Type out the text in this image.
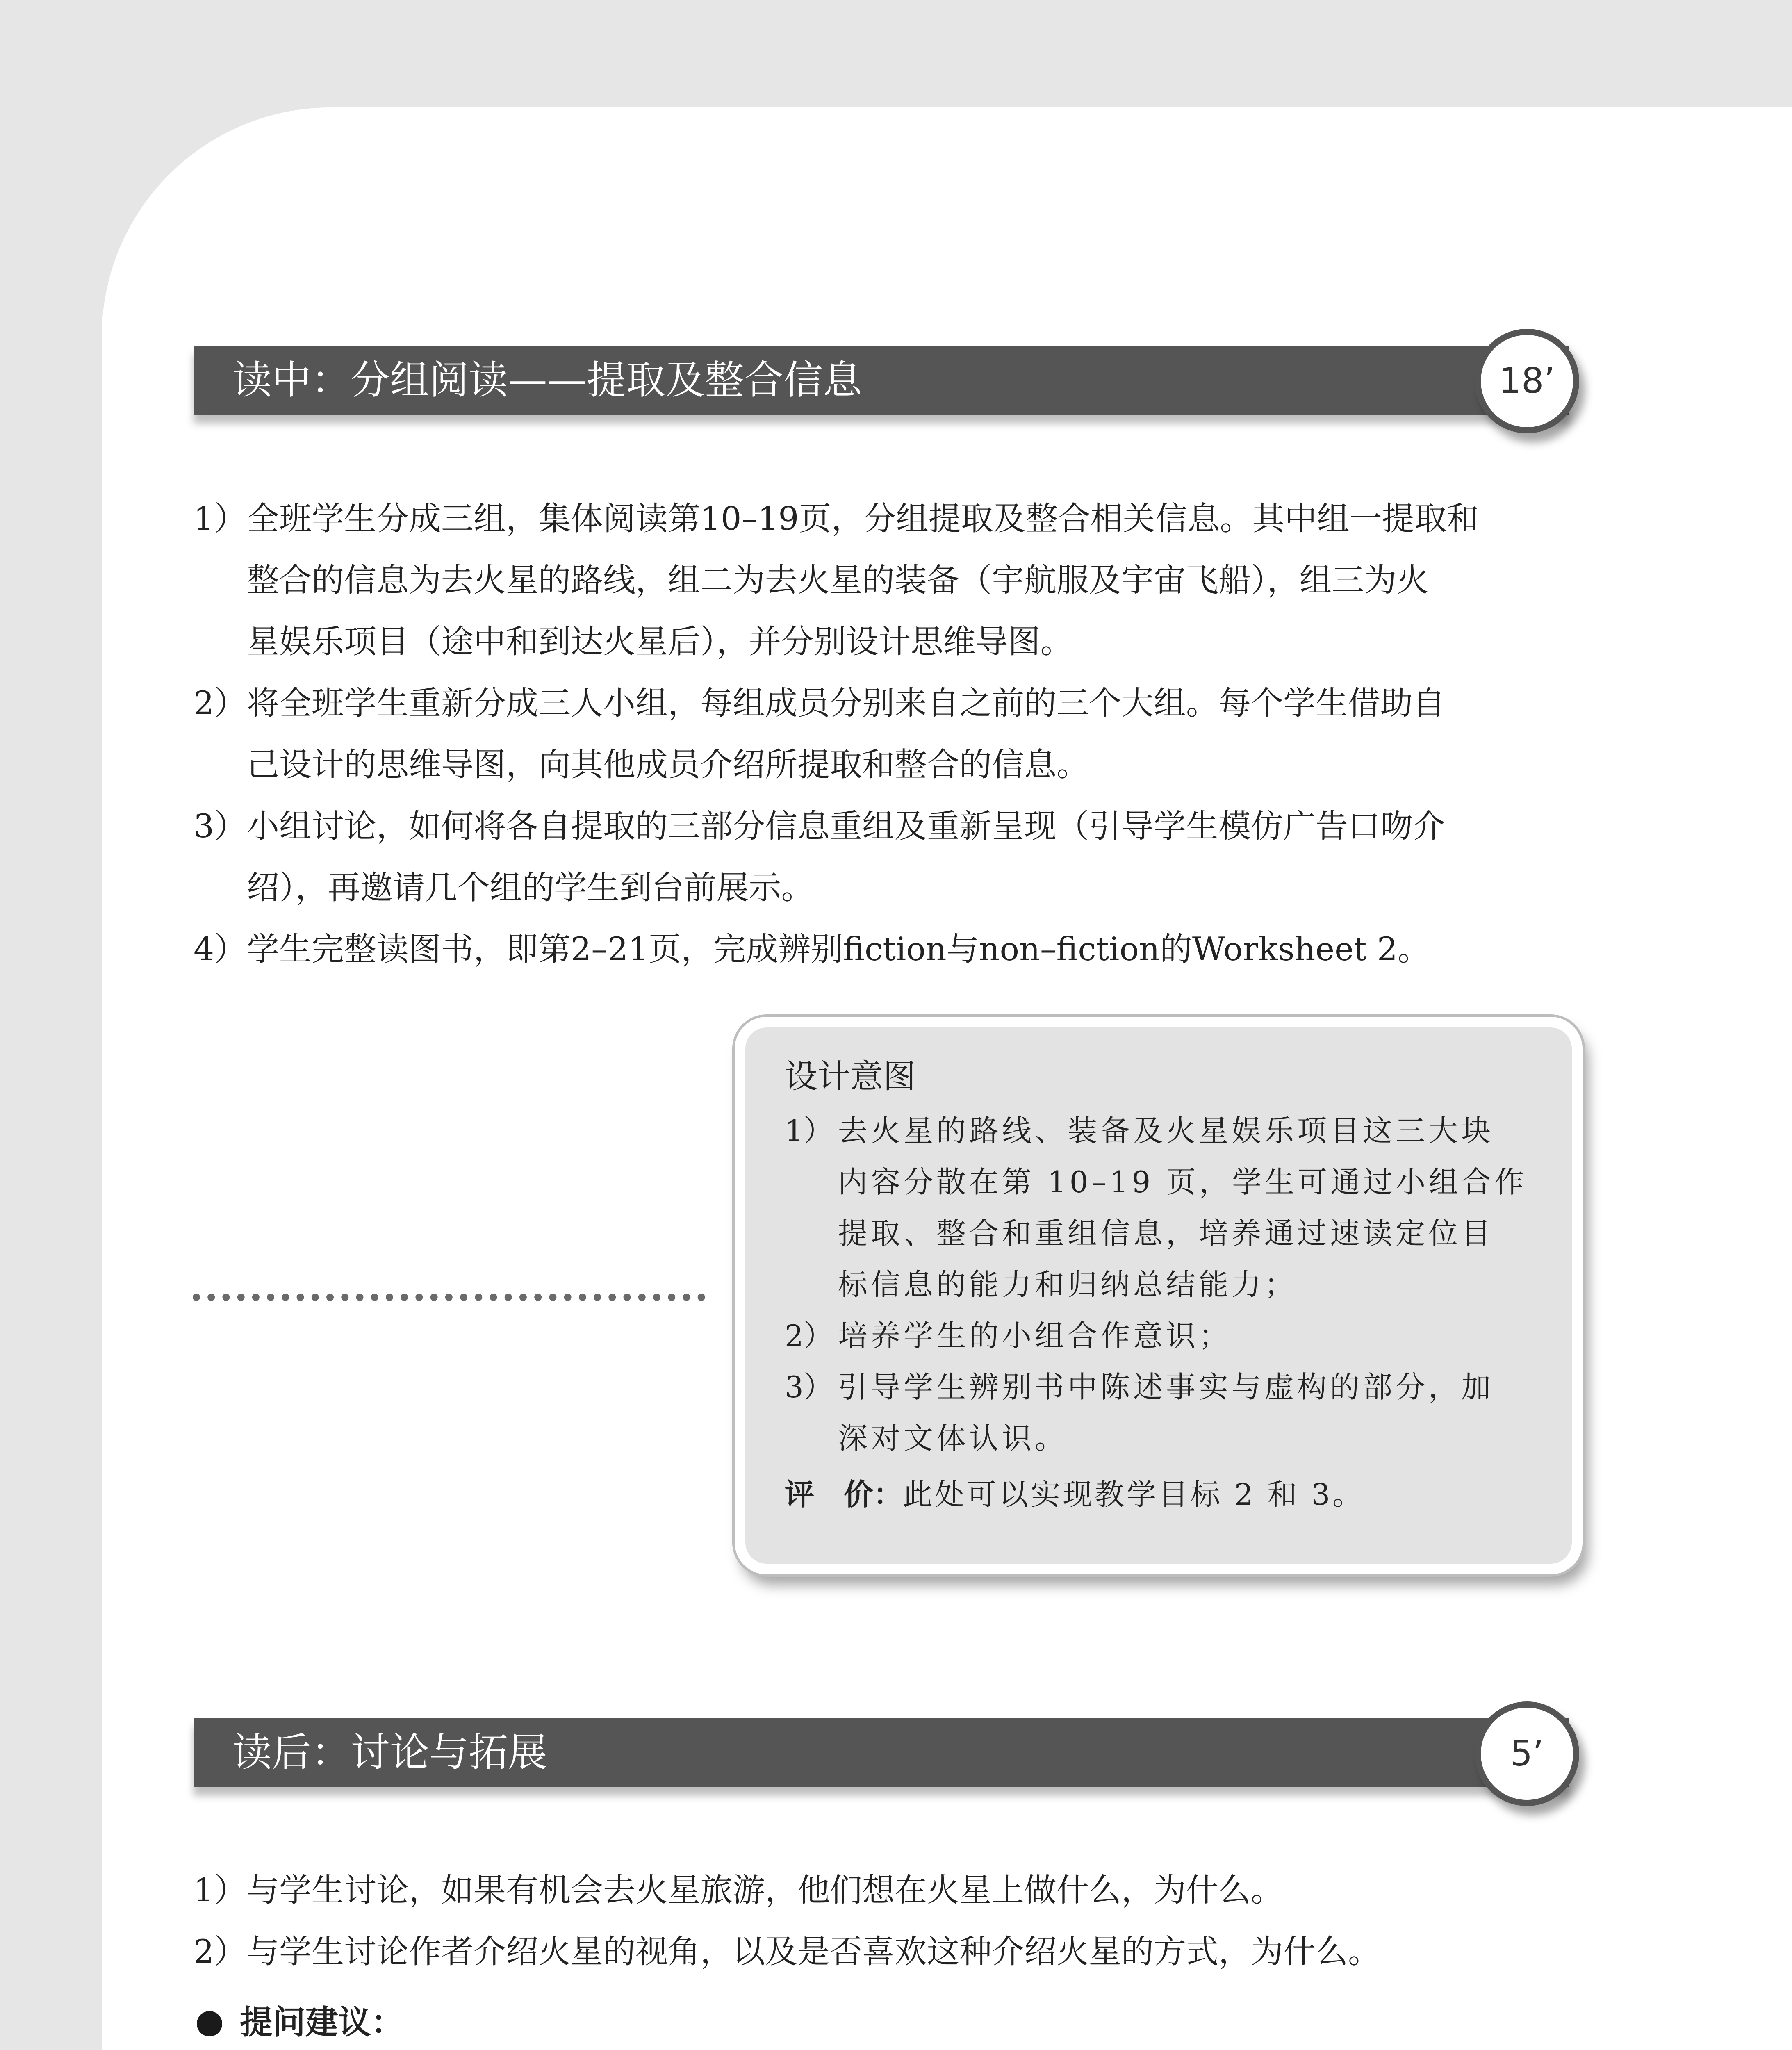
读中：分组阅读——提取及整合信息	18’
1） 全班学生分成三组，集体阅读第10–19页，分组提取及整合相关信息。其中组一提取和
整合的信息为去火星的路线，组二为去火星的装备（宇航服及宇宙飞船），组三为火
星娱乐项目（途中和到达火星后），并分别设计思维导图。
2） 将全班学生重新分成三人小组，每组成员分别来自之前的三个大组。每个学生借助自
己设计的思维导图，向其他成员介绍所提取和整合的信息。
3） 小组讨论，如何将各自提取的三部分信息重组及重新呈现（引导学生模仿广告口吻介
绍），再邀请几个组的学生到台前展示。
4） 学生完整读图书，即第2–21页，完成辨别fiction与non–fiction的Worksheet 2。
设计意图
1） 去火星的路线、装备及火星娱乐项目这三大块
内容分散在第 10–19 页，学生可通过小组合作
提取、整合和重组信息，培养通过速读定位目
标信息的能力和归纳总结能力；
2） 培养学生的小组合作意识；
3） 引导学生辨别书中陈述事实与虚构的部分，加
深对文体认识。
评　价：此处可以实现教学目标 2 和 3。
读后：讨论与拓展	5’
1） 与学生讨论，如果有机会去火星旅游，他们想在火星上做什么，为什么。
2） 与学生讨论作者介绍火星的视角，以及是否喜欢这种介绍火星的方式，为什么。
提问建议：
